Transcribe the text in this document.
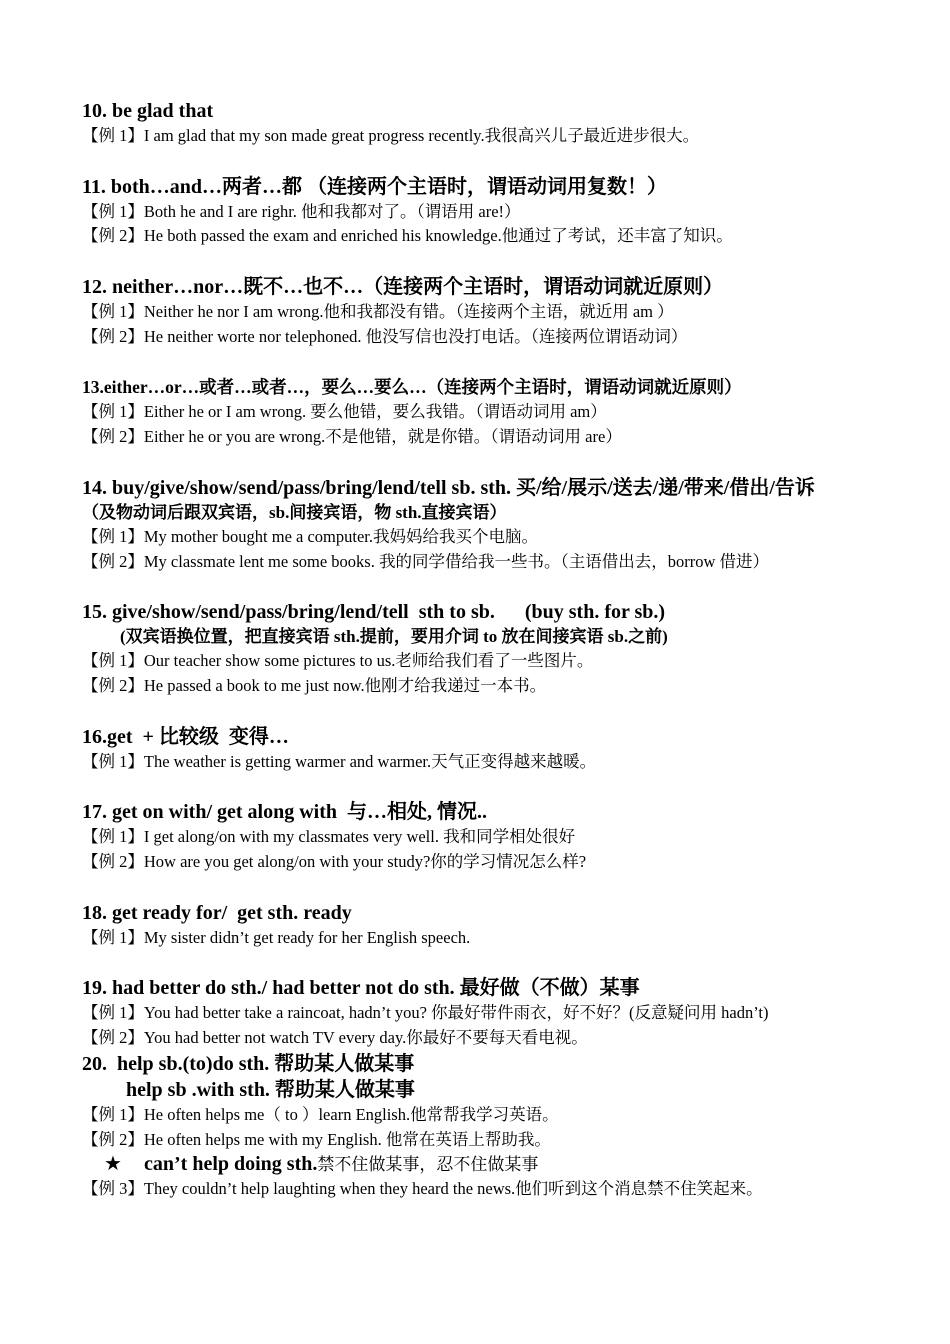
10. be glad that
【例 1】I am glad that my son made great progress recently.我很高兴儿子最近进步很大。
11. both…and…两者…都 （连接两个主语时，谓语动词用复数！）
【例 1】Both he and I are righr. 他和我都对了。（谓语用 are!）
【例 2】He both passed the exam and enriched his knowledge.他通过了考试，还丰富了知识。
12. neither…nor…既不…也不…（连接两个主语时，谓语动词就近原则）
【例 1】Neither he nor I am wrong.他和我都没有错。（连接两个主语，就近用 am ）
【例 2】He neither worte nor telephoned. 他没写信也没打电话。（连接两位谓语动词）
13.either…or…或者…或者…，要么…要么…（连接两个主语时，谓语动词就近原则）
【例 1】Either he or I am wrong. 要么他错，要么我错。（谓语动词用 am）
【例 2】Either he or you are wrong.不是他错，就是你错。（谓语动词用 are）
14. buy/give/show/send/pass/bring/lend/tell sb. sth. 买/给/展示/送去/递/带来/借出/告诉
（及物动词后跟双宾语，sb.间接宾语，物 sth.直接宾语）
【例 1】My mother bought me a computer.我妈妈给我买个电脑。
【例 2】My classmate lent me some books. 我的同学借给我一些书。（主语借出去，borrow 借进）
15. give/show/send/pass/bring/lend/tell  sth to sb.      (buy sth. for sb.)
(双宾语换位置，把直接宾语 sth.提前，要用介词 to 放在间接宾语 sb.之前)
【例 1】Our teacher show some pictures to us.老师给我们看了一些图片。
【例 2】He passed a book to me just now.他刚才给我递过一本书。
16.get  + 比较级  变得…
【例 1】The weather is getting warmer and warmer.天气正变得越来越暖。
17. get on with/ get along with  与…相处, 情况..
【例 1】I get along/on with my classmates very well. 我和同学相处很好
【例 2】How are you get along/on with your study?你的学习情况怎么样?
18. get ready for/  get sth. ready
【例 1】My sister didn’t get ready for her English speech.
19. had better do sth./ had better not do sth. 最好做（不做）某事
【例 1】You had better take a raincoat, hadn’t you? 你最好带件雨衣，好不好？(反意疑问用 hadn’t)
【例 2】You had better not watch TV every day.你最好不要每天看电视。
20.  help sb.(to)do sth. 帮助某人做某事
help sb .with sth. 帮助某人做某事
【例 1】He often helps me（ to ）learn English.他常帮我学习英语。
【例 2】He often helps me with my English. 他常在英语上帮助我。
★ can’t help doing sth.禁不住做某事，忍不住做某事
【例 3】They couldn’t help laughting when they heard the news.他们听到这个消息禁不住笑起来。
